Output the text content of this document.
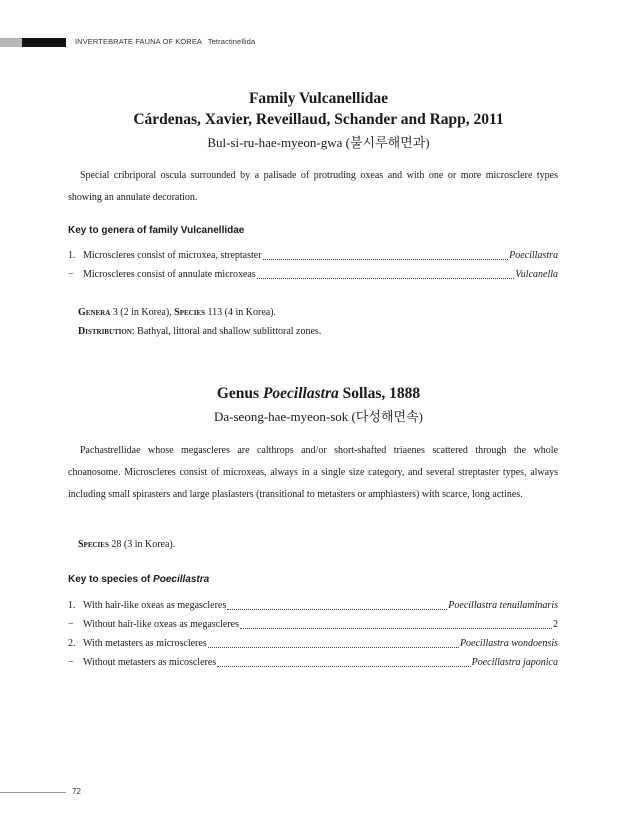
INVERTEBRATE FAUNA OF KOREA Tetractinellida
Family Vulcanellidae
Cárdenas, Xavier, Reveillaud, Schander and Rapp, 2011
Bul-si-ru-hae-myeon-gwa (불시루해면과)
Special cribriporal oscula surrounded by a palisade of protruding oxeas and with one or more microsclere types showing an annulate decoration.
Key to genera of family Vulcanellidae
1. Microscleres consist of microxea, streptaster	Poecillastra
− Microscleres consist of annulate microxeas	Vulcanella
Genera 3 (2 in Korea), Species 113 (4 in Korea).
Distribution: Bathyal, littoral and shallow sublittoral zones.
Genus Poecillastra Sollas, 1888
Da-seong-hae-myeon-sok (다성해면속)
Pachastrellidae whose megascleres are calthrops and/or short-shafted triaenes scattered through the whole choanosome. Microscleres consist of microxeas, always in a single size category, and several streptaster types, always including small spirasters and large plasiasters (transitional to metasters or amphiasters) with scarce, long actines.
Species 28 (3 in Korea).
Key to species of Poecillastra
1. With hair-like oxeas as megascleres	Poecillastra tenuilaminaris
− Without hair-like oxeas as megascleres	2
2. With metasters as microscleres	Poecillastra wondoensis
− Without metasters as micoscleres	Poecillastra japonica
72
